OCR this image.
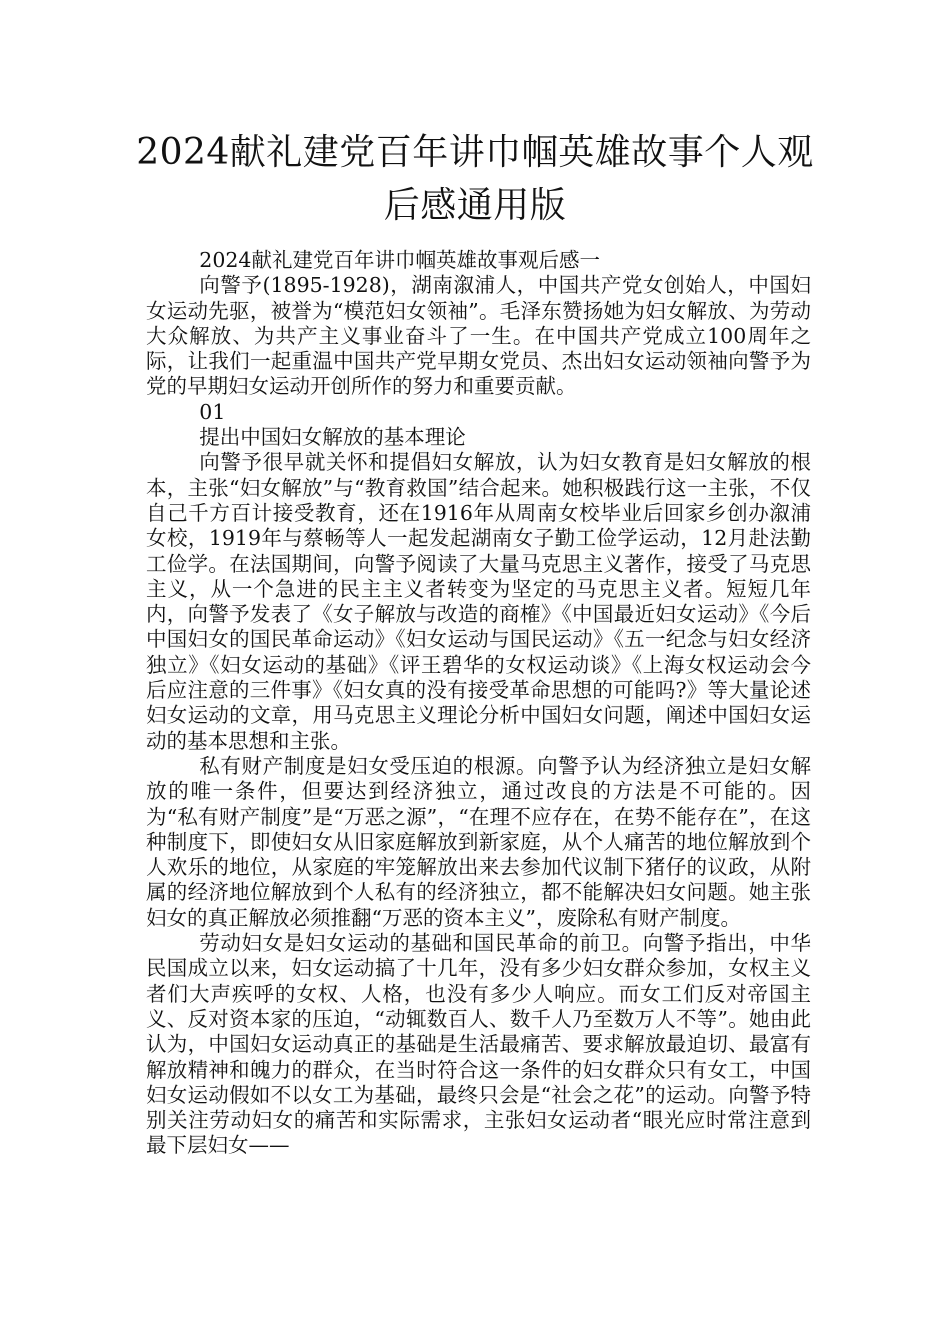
2024献礼建党百年讲巾帼英雄故事个人观
后感通用版

2024献礼建党百年讲巾帼英雄故事观后感一

向警予(1895-1928)，湖南溆浦人，中国共产党女创始人，中国妇女运动先驱，被誉为“模范妇女领袖”。毛泽东赞扬她为妇女解放、为劳动大众解放、为共产主义事业奋斗了一生。在中国共产党成立100周年之际，让我们一起重温中国共产党早期女党员、杰出妇女运动领袖向警予为党的早期妇女运动开创所作的努力和重要贡献。

01

提出中国妇女解放的基本理论

向警予很早就关怀和提倡妇女解放，认为妇女教育是妇女解放的根本，主张“妇女解放”与“教育救国”结合起来。她积极践行这一主张，不仅自己千方百计接受教育，还在1916年从周南女校毕业后回家乡创办溆浦女校，1919年与蔡畅等人一起发起湖南女子勤工俭学运动，12月赴法勤工俭学。在法国期间，向警予阅读了大量马克思主义著作，接受了马克思主义，从一个急进的民主主义者转变为坚定的马克思主义者。短短几年内，向警予发表了《女子解放与改造的商榷》《中国最近妇女运动》《今后中国妇女的国民革命运动》《妇女运动与国民运动》《五一纪念与妇女经济独立》《妇女运动的基础》《评王碧华的女权运动谈》《上海女权运动会今后应注意的三件事》《妇女真的没有接受革命思想的可能吗?》等大量论述妇女运动的文章，用马克思主义理论分析中国妇女问题，阐述中国妇女运动的基本思想和主张。

私有财产制度是妇女受压迫的根源。向警予认为经济独立是妇女解放的唯一条件，但要达到经济独立，通过改良的方法是不可能的。因为“私有财产制度”是“万恶之源”，“在理不应存在，在势不能存在”，在这种制度下，即使妇女从旧家庭解放到新家庭，从个人痛苦的地位解放到个人欢乐的地位，从家庭的牢笼解放出来去参加代议制下猪仔的议政，从附属的经济地位解放到个人私有的经济独立，都不能解决妇女问题。她主张妇女的真正解放必须推翻“万恶的资本主义”，废除私有财产制度。

劳动妇女是妇女运动的基础和国民革命的前卫。向警予指出，中华民国成立以来，妇女运动搞了十几年，没有多少妇女群众参加，女权主义者们大声疾呼的女权、人格，也没有多少人响应。而女工们反对帝国主义、反对资本家的压迫，“动辄数百人、数千人乃至数万人不等”。她由此认为，中国妇女运动真正的基础是生活最痛苦、要求解放最迫切、最富有解放精神和魄力的群众，在当时符合这一条件的妇女群众只有女工，中国妇女运动假如不以女工为基础，最终只会是“社会之花”的运动。向警予特别关注劳动妇女的痛苦和实际需求，主张妇女运动者“眼光应时常注意到最下层妇女——
